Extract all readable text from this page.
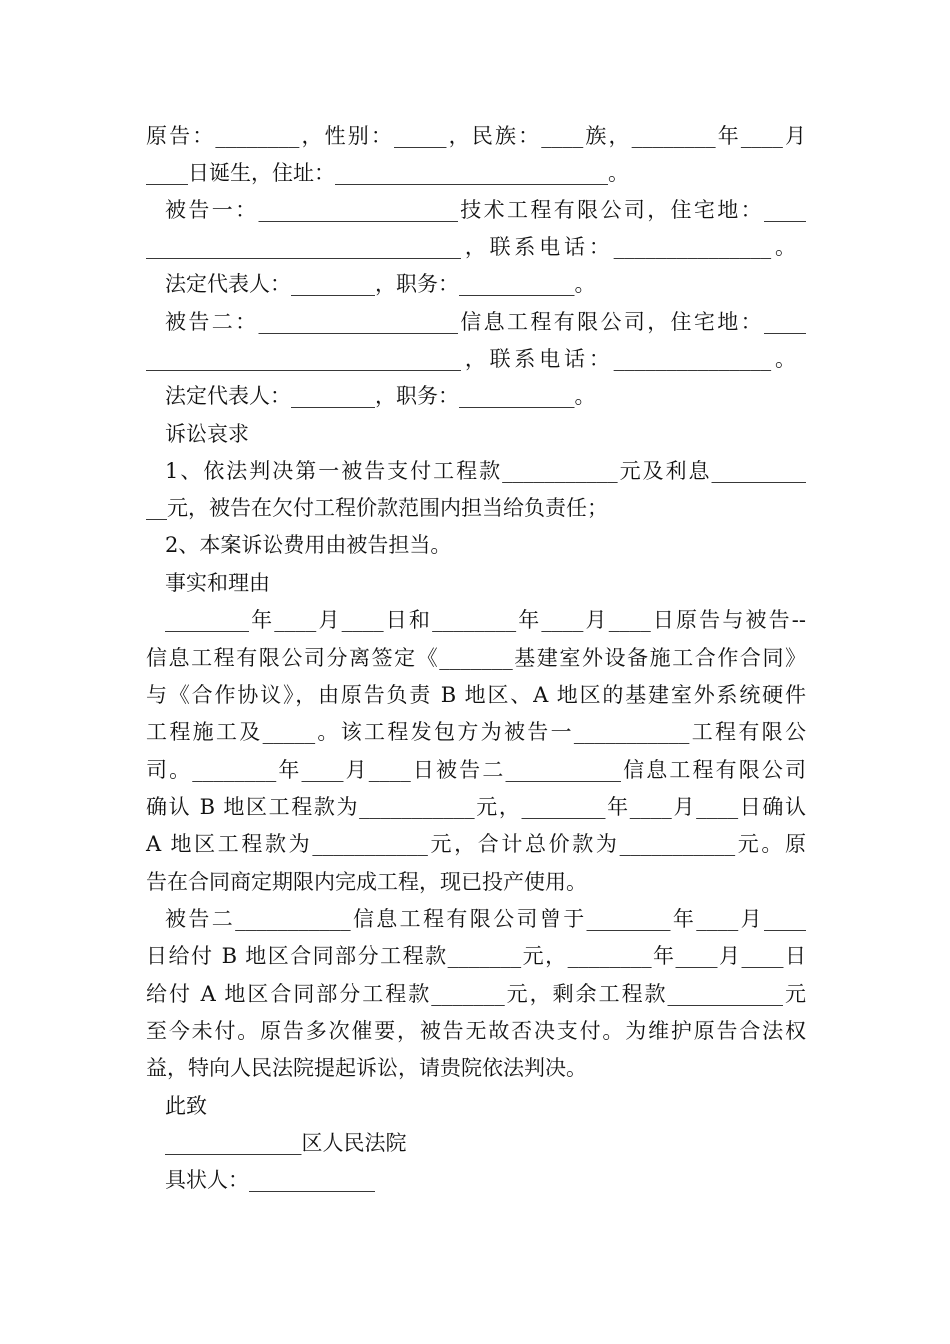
原告：________，性别：_____，民族：____族，________年____月
____日诞生，住址：__________________________。
被告一：___________________技术工程有限公司，住宅地：____
______________________________，联系电话：_______________。
法定代表人：________，职务：___________。
被告二：___________________信息工程有限公司，住宅地：____
______________________________，联系电话：_______________。
法定代表人：________，职务：___________。
诉讼哀求
1、依法判决第一被告支付工程款___________元及利息_________
__元，被告在欠付工程价款范围内担当给负责任；
2、本案诉讼费用由被告担当。
事实和理由
________年____月____日和________年____月____日原告与被告--
信息工程有限公司分离签定《_______基建室外设备施工合作合同》
与《合作协议》，由原告负责 B 地区、A 地区的基建室外系统硬件
工程施工及_____。该工程发包方为被告一___________工程有限公
司。________年____月____日被告二___________信息工程有限公司
确认 B 地区工程款为___________元，________年____月____日确认
A 地区工程款为___________元，合计总价款为___________元。原
告在合同商定期限内完成工程，现已投产使用。
被告二___________信息工程有限公司曾于________年____月____
日给付 B 地区合同部分工程款_______元，________年____月____日
给付 A 地区合同部分工程款_______元，剩余工程款___________元
至今未付。原告多次催要，被告无故否决支付。为维护原告合法权
益，特向人民法院提起诉讼，请贵院依法判决。
此致
_____________区人民法院
具状人：____________
